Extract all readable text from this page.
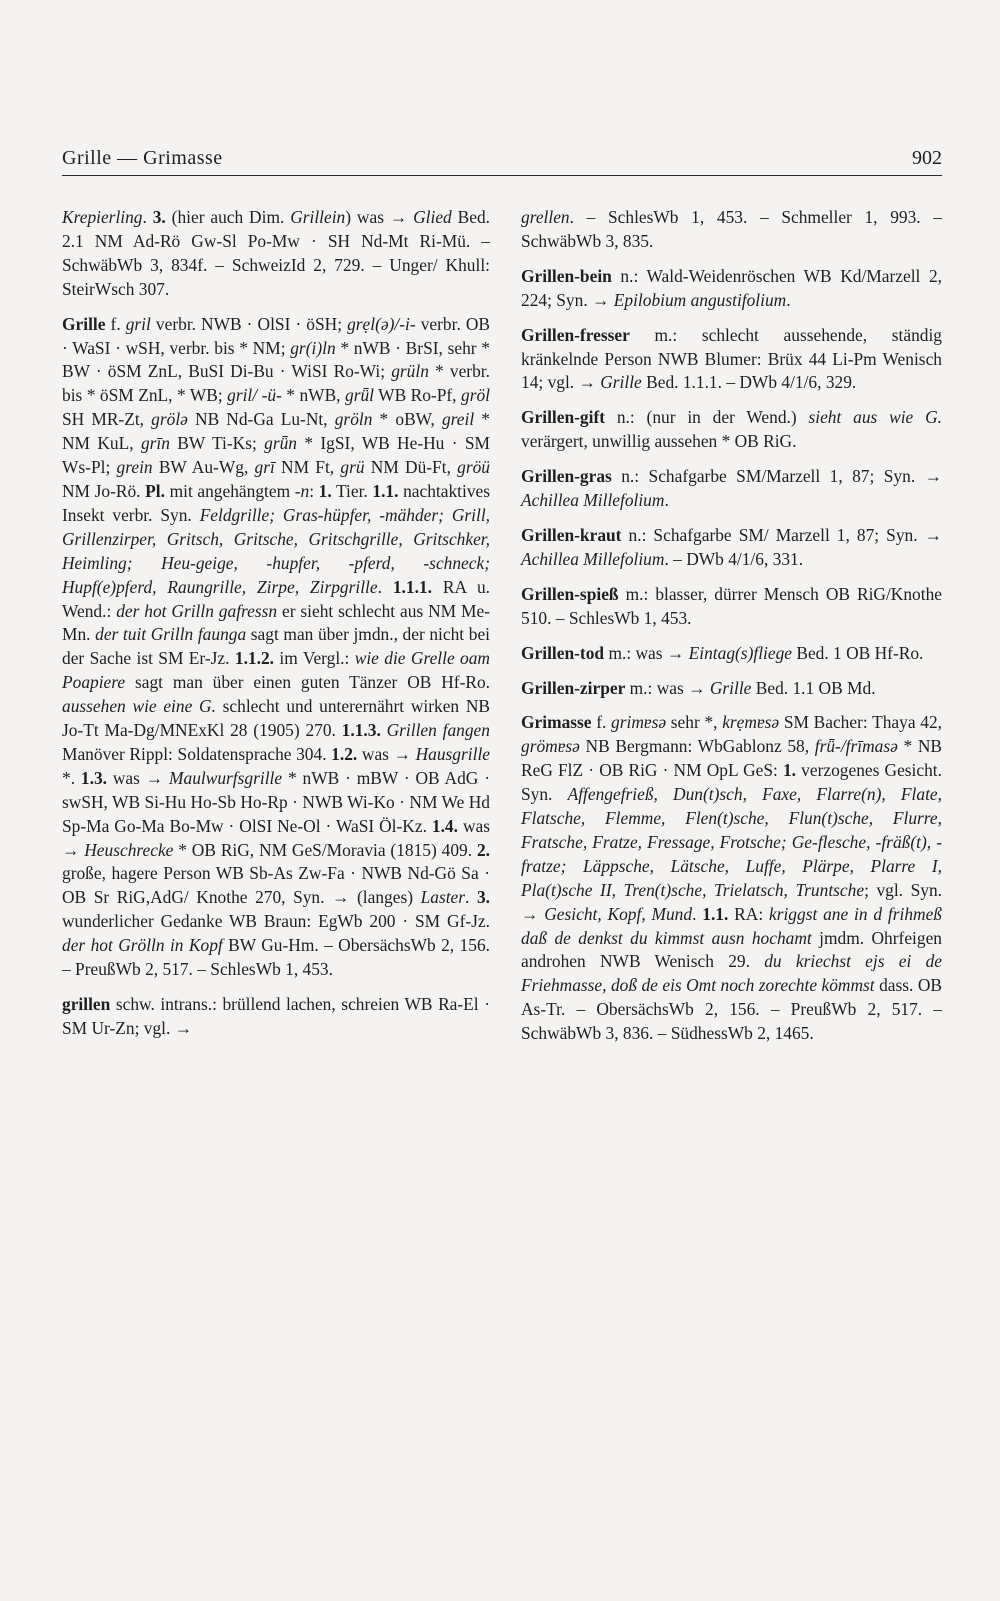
Grille — Grimasse	902

Krepierling. 3. (hier auch Dim. Grillein) was → Glied Bed. 2.1 NM Ad-Rö Gw-Sl Po-Mw · SH Nd-Mt Ri-Mü. – SchwäbWb 3, 834f. – SchweizId 2, 729. – Unger/ Khull: SteirWsch 307.

Grille f. gril verbr. NWB · OlSI · öSH; grẹl(ə)/-i- verbr. OB · WaSI · wSH, verbr. bis * NM; gr(i)ln * nWB · BrSI, sehr * BW · öSM ZnL, BuSI Di-Bu · WiSI Ro-Wi; grüln * verbr. bis * öSM ZnL, * WB; gril/ -ü- * nWB, grǖl WB Ro-Pf, gröl SH MR-Zt, grölə NB Nd-Ga Lu-Nt, gröln * oBW, greil * NM KuL, grīn BW Ti-Ks; grǖn * IgSI, WB He-Hu · SM Ws-Pl; grein BW Au-Wg, grī NM Ft, grü NM Dü-Ft, gröü NM Jo-Rö. Pl. mit angehängtem -n: 1. Tier. 1.1. nachtaktives Insekt verbr. Syn. Feldgrille; Gras-hüpfer, -mähder; Grill, Grillenzirper, Gritsch, Gritsche, Gritschgrille, Gritschker, Heimling; Heu-geige, -hupfer, -pferd, -schneck; Hupf(e)pferd, Raungrille, Zirpe, Zirpgrille. 1.1.1. RA u. Wend.: der hot Grilln gafressn er sieht schlecht aus NM Me-Mn. der tuit Grilln faunga sagt man über jmdn., der nicht bei der Sache ist SM Er-Jz. 1.1.2. im Vergl.: wie die Grelle oam Poapiere sagt man über einen guten Tänzer OB Hf-Ro. aussehen wie eine G. schlecht und unterernährt wirken NB Jo-Tt Ma-Dg/MNExKl 28 (1905) 270. 1.1.3. Grillen fangen Manöver Rippl: Soldatensprache 304. 1.2. was → Hausgrille *. 1.3. was → Maulwurfsgrille * nWB · mBW · OB AdG · swSH, WB Si-Hu Ho-Sb Ho-Rp · NWB Wi-Ko · NM We Hd Sp-Ma Go-Ma Bo-Mw · OlSI Ne-Ol · WaSI Öl-Kz. 1.4. was → Heuschrecke * OB RiG, NM GeS/Moravia (1815) 409. 2. große, hagere Person WB Sb-As Zw-Fa · NWB Nd-Gö Sa · OB Sr RiG,AdG/ Knothe 270, Syn. → (langes) Laster. 3. wunderlicher Gedanke WB Braun: EgWb 200 · SM Gf-Jz. der hot Grölln in Kopf BW Gu-Hm. – ObersächsWb 2, 156. – PreußWb 2, 517. – SchlesWb 1, 453.

grillen schw. intrans.: brüllend lachen, schreien WB Ra-El · SM Ur-Zn; vgl. →

grellen. – SchlesWb 1, 453. – Schmeller 1, 993. – SchwäbWb 3, 835.

Grillen-bein n.: Wald-Weidenröschen WB Kd/Marzell 2, 224; Syn. → Epilobium angustifolium.

Grillen-fresser m.: schlecht aussehende, ständig kränkelnde Person NWB Blumer: Brüx 44 Li-Pm Wenisch 14; vgl. → Grille Bed. 1.1.1. – DWb 4/1/6, 329.

Grillen-gift n.: (nur in der Wend.) sieht aus wie G. verärgert, unwillig aussehen * OB RiG.

Grillen-gras n.: Schafgarbe SM/Marzell 1, 87; Syn. → Achillea Millefolium.

Grillen-kraut n.: Schafgarbe SM/ Marzell 1, 87; Syn. → Achillea Millefolium. – DWb 4/1/6, 331.

Grillen-spieß m.: blasser, dürrer Mensch OB RiG/Knothe 510. – SchlesWb 1, 453.

Grillen-tod m.: was → Eintag(s)fliege Bed. 1 OB Hf-Ro.

Grillen-zirper m.: was → Grille Bed. 1.1 OB Md.

Grimasse f. grimɐsə sehr *, krẹmɐsə SM Bacher: Thaya 42, grömɐsə NB Bergmann: WbGablonz 58, frǖ-/frīmasə * NB ReG FlZ · OB RiG · NM OpL GeS: 1. verzogenes Gesicht. Syn. Affengefrieß, Dun(t)sch, Faxe, Flarre(n), Flate, Flatsche, Flemme, Flen(t)sche, Flun(t)sche, Flurre, Fratsche, Fratze, Fressage, Frotsche; Ge-flesche, -fräß(t), -fratze; Läppsche, Lätsche, Luffe, Plärpe, Plarre I, Pla(t)sche II, Tren(t)sche, Trielatsch, Truntsche; vgl. Syn. → Gesicht, Kopf, Mund. 1.1. RA: kriggst ane in d frihmeß daß de denkst du kimmst ausn hochamt jmdm. Ohrfeigen androhen NWB Wenisch 29. du kriechst ejs ei de Friehmasse, doß de eis Omt noch zorechte kömmst dass. OB As-Tr. – ObersächsWb 2, 156. – PreußWb 2, 517. – SchwäbWb 3, 836. – SüdhessWb 2, 1465.
